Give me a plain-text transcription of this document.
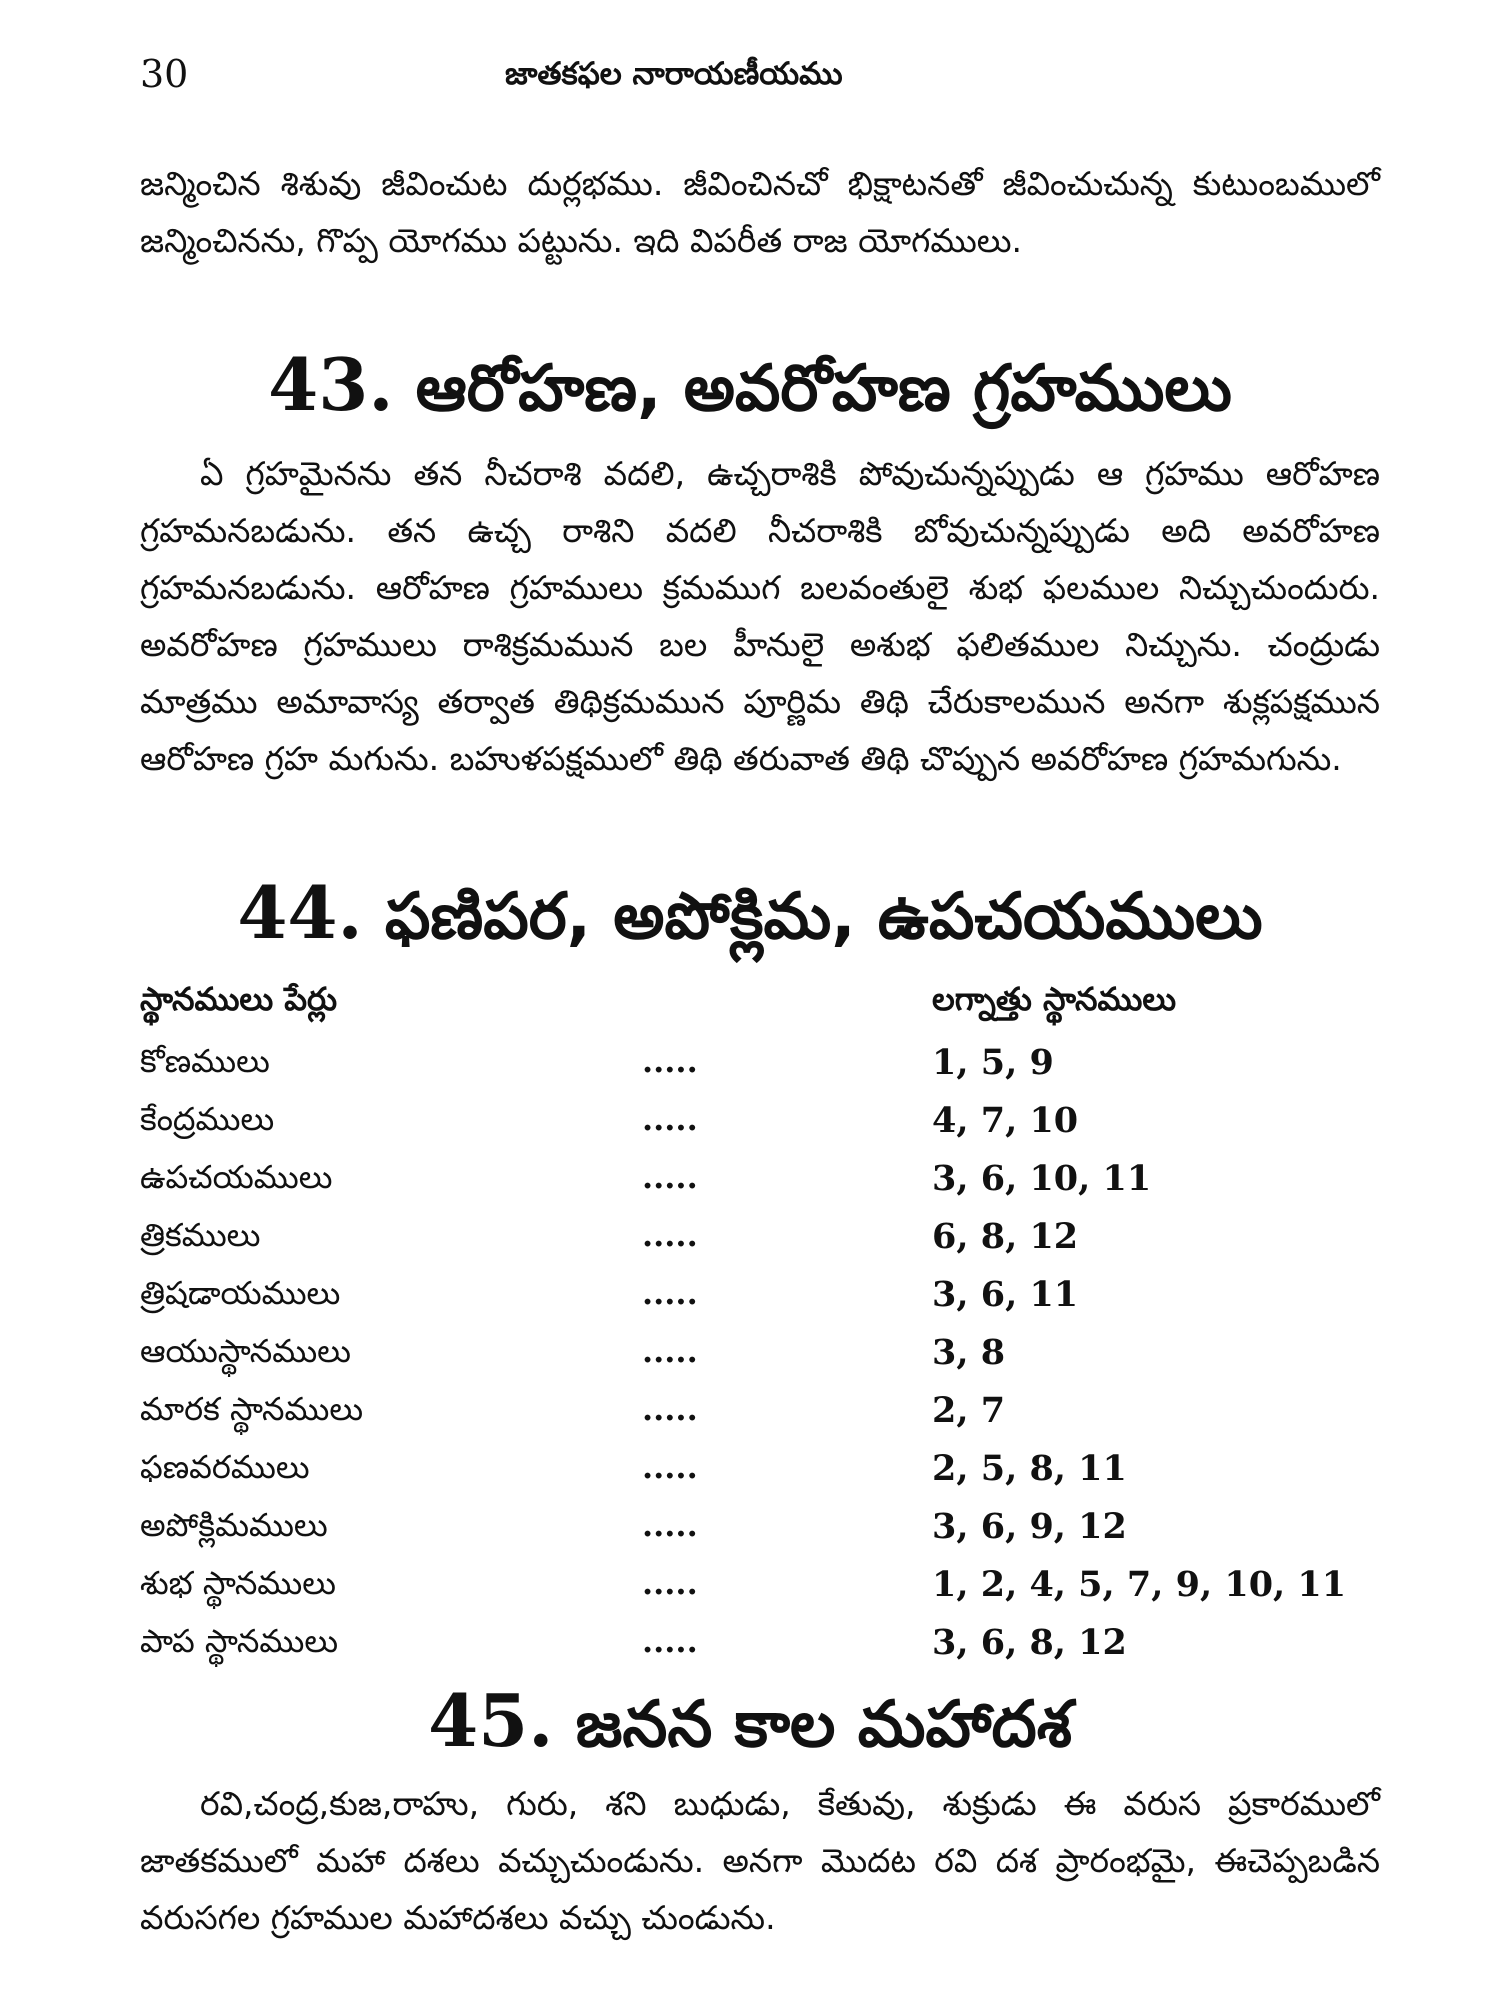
30	జాతకఫల నారాయణీయము

జన్మించిన శిశువు జీవించుట దుర్లభము. జీవించినచో భిక్షాటనతో జీవించుచున్న కుటుంబములో జన్మించినను, గొప్ప యోగము పట్టును. ఇది విపరీత రాజ యోగములు.

43. ఆరోహణ, అవరోహణ గ్రహములు

ఏ గ్రహమైనను తన నీచరాశి వదలి, ఉచ్చరాశికి పోవుచున్నప్పుడు ఆ గ్రహము ఆరోహణ గ్రహమనబడును. తన ఉచ్చ రాశిని వదలి నీచరాశికి బోవుచున్నప్పుడు అది అవరోహణ గ్రహమనబడును. ఆరోహణ గ్రహములు క్రమముగ బలవంతులై శుభ ఫలముల నిచ్చుచుందురు. అవరోహణ గ్రహములు రాశిక్రమమున బల హీనులై అశుభ ఫలితముల నిచ్చును. చంద్రుడు మాత్రము అమావాస్య తర్వాత తిథిక్రమమున పూర్ణిమ తిథి చేరుకాలమున అనగా శుక్లపక్షమున ఆరోహణ గ్రహ మగును. బహుళపక్షములో తిథి తరువాత తిథి చొప్పున అవరోహణ గ్రహమగును.

44. ఫణిపర, అపోక్లిమ, ఉపచయములు
స్థానములు పేర్లు	లగ్నాత్తు స్థానములు
కోణములు	.....	1, 5, 9
కేంద్రములు	.....	4, 7, 10
ఉపచయములు	.....	3, 6, 10, 11
త్రికములు	.....	6, 8, 12
త్రిషడాయములు	.....	3, 6, 11
ఆయుస్థానములు	.....	3, 8
మారక స్థానములు	.....	2, 7
ఫణవరములు	.....	2, 5, 8, 11
అపోక్లిమములు	.....	3, 6, 9, 12
శుభ స్థానములు	.....	1, 2, 4, 5, 7, 9, 10, 11
పాప స్థానములు	.....	3, 6, 8, 12
45. జనన కాల మహాదశ

రవి,చంద్ర,కుజ,రాహు, గురు, శని బుధుడు, కేతువు, శుక్రుడు ఈ వరుస ప్రకారములో జాతకములో మహా దశలు వచ్చుచుండును. అనగా మొదట రవి దశ ప్రారంభమై, ఈచెప్పబడిన వరుసగల గ్రహముల మహాదశలు వచ్చు చుండును.
